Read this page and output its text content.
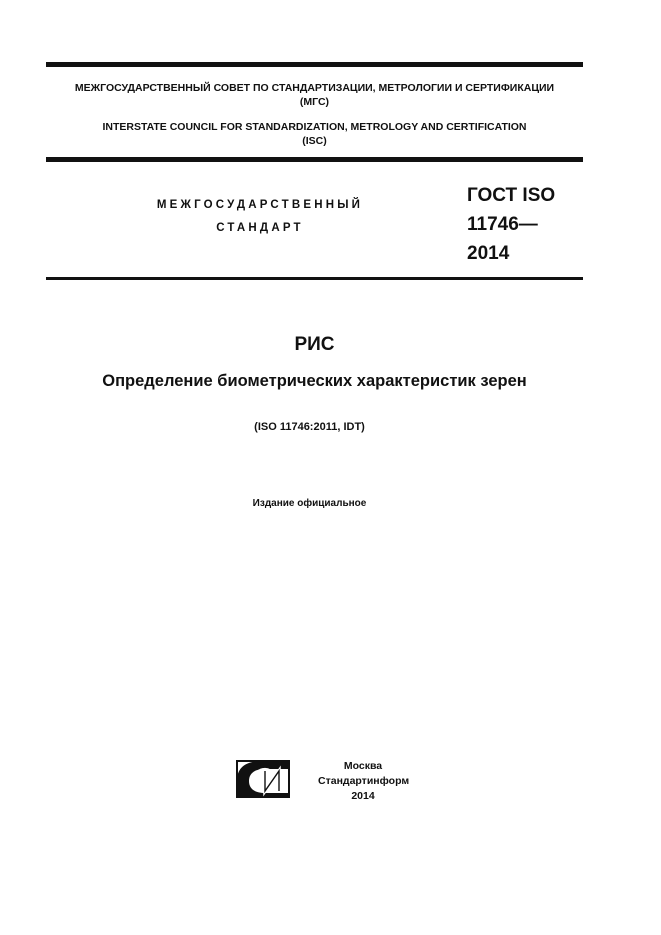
МЕЖГОСУДАРСТВЕННЫЙ СОВЕТ ПО СТАНДАРТИЗАЦИИ, МЕТРОЛОГИИ И СЕРТИФИКАЦИИ
(МГС)
INTERSTATE COUNCIL FOR STANDARDIZATION, METROLOGY AND CERTIFICATION
(ISC)
МЕЖГОСУДАРСТВЕННЫЙ
СТАНДАРТ
ГОСТ ISO
11746—
2014
РИС
Определение биометрических характеристик зерен
(ISO 11746:2011, IDT)
Издание официальное
Москва
Стандартинформ
2014
